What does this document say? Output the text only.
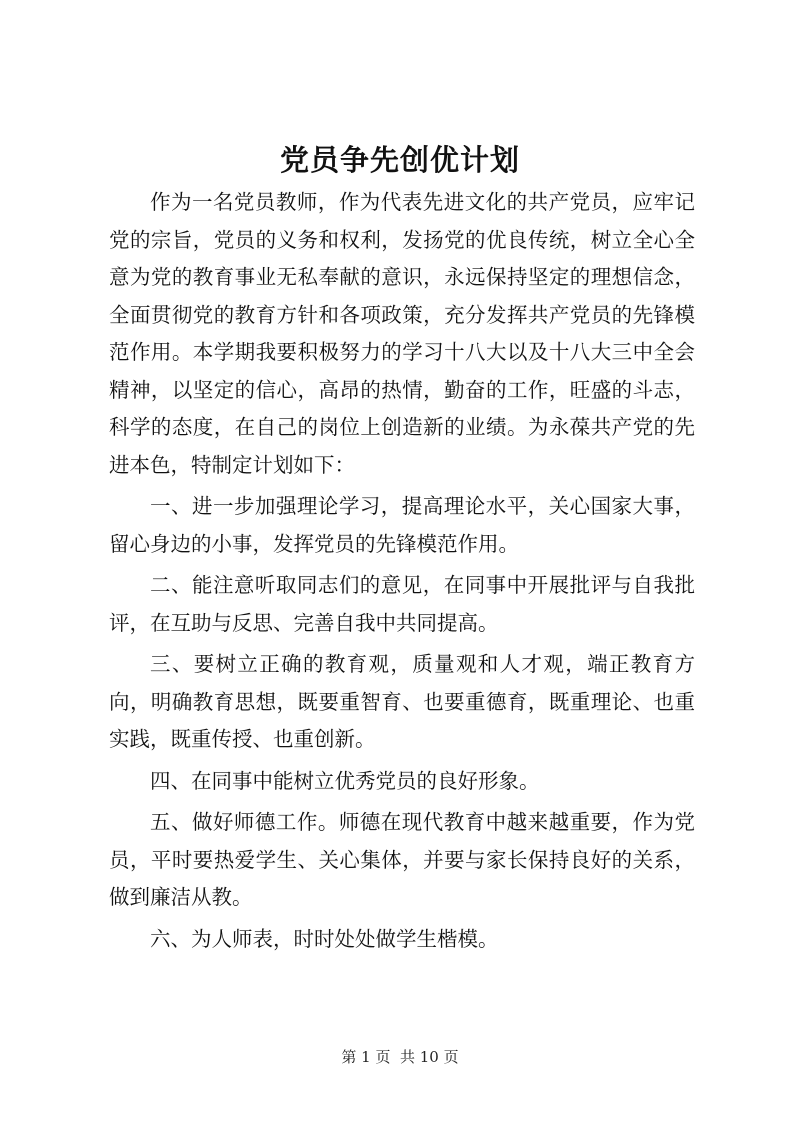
党员争先创优计划

作为一名党员教师，作为代表先进文化的共产党员，应牢记党的宗旨，党员的义务和权利，发扬党的优良传统，树立全心全意为党的教育事业无私奉献的意识，永远保持坚定的理想信念，全面贯彻党的教育方针和各项政策，充分发挥共产党员的先锋模范作用。本学期我要积极努力的学习十八大以及十八大三中全会精神，以坚定的信心，高昂的热情，勤奋的工作，旺盛的斗志，科学的态度，在自己的岗位上创造新的业绩。为永葆共产党的先进本色，特制定计划如下：

一、进一步加强理论学习，提高理论水平，关心国家大事，留心身边的小事，发挥党员的先锋模范作用。

二、能注意听取同志们的意见，在同事中开展批评与自我批评，在互助与反思、完善自我中共同提高。

三、要树立正确的教育观，质量观和人才观，端正教育方向，明确教育思想，既要重智育、也要重德育，既重理论、也重实践，既重传授、也重创新。

四、在同事中能树立优秀党员的良好形象。

五、做好师德工作。师德在现代教育中越来越重要，作为党员，平时要热爱学生、关心集体，并要与家长保持良好的关系，做到廉洁从教。

六、为人师表，时时处处做学生楷模。

第 1 页  共 10 页
